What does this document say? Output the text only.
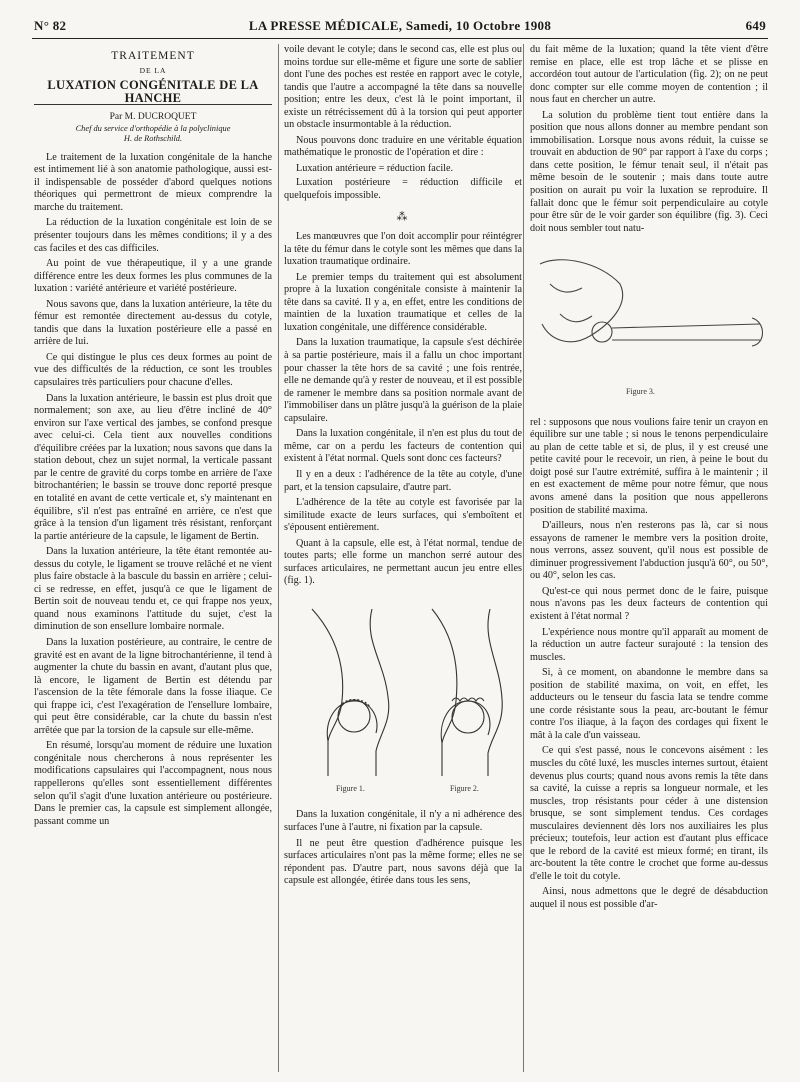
N° 82	LA PRESSE MÉDICALE, Samedi, 10 Octobre 1908	649
TRAITEMENT
DE LA
LUXATION CONGÉNITALE DE LA HANCHE
Par M. DUCROQUET
Chef du service d'orthopédie à la polyclinique
H. de Rothschild.

Le traitement de la luxation congénitale de la hanche est intimement lié à son anatomie pathologique, aussi est-il indispensable de posséder d'abord quelques notions théoriques qui permettront de mieux comprendre la marche du traitement.

La réduction de la luxation congénitale est loin de se présenter toujours dans les mêmes conditions; il y a des cas faciles et des cas difficiles.

Au point de vue thérapeutique, il y a une grande différence entre les deux formes les plus communes de la luxation : variété antérieure et variété postérieure.

Nous savons que, dans la luxation antérieure, la tête du fémur est remontée directement au-dessus du cotyle, tandis que dans la luxation postérieure elle a passé en arrière de lui.

Ce qui distingue le plus ces deux formes au point de vue des difficultés de la réduction, ce sont les troubles capsulaires très particuliers pour chacune d'elles.

Dans la luxation antérieure, le bassin est plus droit que normalement; son axe, au lieu d'être incliné de 40° environ sur l'axe vertical des jambes, se confond presque avec celui-ci. Cela tient aux nouvelles conditions d'équilibre créées par la luxation; nous savons que dans la station debout, chez un sujet normal, la verticale passant par le centre de gravité du corps tombe en arrière de l'axe bitrochantérien; le bassin se trouve donc reporté presque en totalité en avant de cette verticale et, s'y maintenant en équilibre, s'il n'est pas entraîné en arrière, ce n'est que grâce à la tension d'un ligament très résistant, renforçant la partie antérieure de la capsule, le ligament de Bertin.

Dans la luxation antérieure, la tête étant remontée au-dessus du cotyle, le ligament se trouve relâché et ne vient plus faire obstacle à la bascule du bassin en arrière ; celui-ci se redresse, en effet, jusqu'à ce que le ligament de Bertin soit de nouveau tendu et, ce qui frappe nos yeux, quand nous examinons l'attitude du sujet, c'est la diminution de son ensellure lombaire normale.

Dans la luxation postérieure, au contraire, le centre de gravité est en avant de la ligne bitrochantérienne, il tend à augmenter la chute du bassin en avant, d'autant plus que, là encore, le ligament de Bertin est détendu par l'ascension de la tête fémorale dans la fosse iliaque. Ce qui frappe ici, c'est l'exagération de l'ensellure lombaire, qui peut être considérable, car la chute du bassin n'est arrêtée que par la torsion de la capsule sur elle-même.

En résumé, lorsqu'au moment de réduire une luxation congénitale nous chercherons à nous représenter les modifications capsulaires qui l'accompagnent, nous nous rappellerons qu'elles sont essentiellement différentes selon qu'il s'agit d'une luxation antérieure ou postérieure. Dans le premier cas, la capsule est simplement allongée, passant comme un

voile devant le cotyle; dans le second cas, elle est plus ou moins tordue sur elle-même et figure une sorte de sablier dont l'une des poches est restée en rapport avec le cotyle, tandis que l'autre a accompagné la tête dans sa nouvelle position; entre les deux, c'est là le point important, il existe un rétrécissement dû à la torsion qui peut apporter un obstacle insurmontable à la réduction.

Nous pouvons donc traduire en une véritable équation mathématique le pronostic de l'opération et dire :

Luxation antérieure = réduction facile.

Luxation postérieure = réduction difficile et quelquefois impossible.

⁂

Les manœuvres que l'on doit accomplir pour réintégrer la tête du fémur dans le cotyle sont les mêmes que dans la luxation traumatique ordinaire.

Le premier temps du traitement qui est absolument propre à la luxation congénitale consiste à maintenir la tête dans sa cavité. Il y a, en effet, entre les conditions de maintien de la luxation traumatique et celles de la luxation congénitale, une différence considérable.

Dans la luxation traumatique, la capsule s'est déchirée à sa partie postérieure, mais il a fallu un choc important pour chasser la tête hors de sa cavité ; une fois rentrée, elle ne demande qu'à y rester de nouveau, et il est possible de ramener le membre dans sa position normale avant de l'immobiliser dans un plâtre jusqu'à la guérison de la plaie capsulaire.

Dans la luxation congénitale, il n'en est plus du tout de même, car on a perdu les facteurs de contention qui existent à l'état normal. Quels sont donc ces facteurs?

Il y en a deux : l'adhérence de la tête au cotyle, d'une part, et la tension capsulaire, d'autre part.

L'adhérence de la tête au cotyle est favorisée par la similitude exacte de leurs surfaces, qui s'emboîtent et s'épousent entièrement.

Quant à la capsule, elle est, à l'état normal, tendue de toutes parts; elle forme un manchon serré autour des surfaces articulaires, ne permettant aucun jeu entre elles (fig. 1).

Figure 1.	Figure 2.

Dans la luxation congénitale, il n'y a ni adhérence des surfaces l'une à l'autre, ni fixation par la capsule.

Il ne peut être question d'adhérence puisque les surfaces articulaires n'ont pas la même forme; elles ne se répondent pas. D'autre part, nous savons déjà que la capsule est allongée, étirée dans tous les sens,

du fait même de la luxation; quand la tête vient d'être remise en place, elle est trop lâche et se plisse en accordéon tout autour de l'articulation (fig. 2); on ne peut donc compter sur elle comme moyen de contention ; il nous faut en chercher un autre.

La solution du problème tient tout entière dans la position que nous allons donner au membre pendant son immobilisation. Lorsque nous avons réduit, la cuisse se trouvait en abduction de 90° par rapport à l'axe du corps ; dans cette position, le fémur tenait seul, il n'était pas même besoin de le soutenir ; mais dans toute autre position on aurait pu voir la luxation se reproduire. Il fallait donc que le fémur soit perpendiculaire au cotyle pour être sûr de le voir garder son équilibre (fig. 3). Ceci doit nous sembler tout natu-

Figure 3.

rel : supposons que nous voulions faire tenir un crayon en équilibre sur une table ; si nous le tenons perpendiculaire au plan de cette table et si, de plus, il y est creusé une petite cavité pour le recevoir, un rien, à peine le bout du doigt posé sur l'autre extrémité, suffira à le maintenir ; il en est exactement de même pour notre fémur, que nous avons amené dans la position que nous appellerons position de stabilité maxima.

D'ailleurs, nous n'en resterons pas là, car si nous essayons de ramener le membre vers la position droite, nous verrons, assez souvent, qu'il nous est possible de diminuer progressivement l'abduction jusqu'à 60°, ou 50°, ou 40°, selon les cas.

Qu'est-ce qui nous permet donc de le faire, puisque nous n'avons pas les deux facteurs de contention qui existent à l'état normal ?

L'expérience nous montre qu'il apparaît au moment de la réduction un autre facteur surajouté : la tension des muscles.

Si, à ce moment, on abandonne le membre dans sa position de stabilité maxima, on voit, en effet, les adducteurs ou le tenseur du fascia lata se tendre comme une corde résistante sous la peau, arc-boutant le fémur contre l'os iliaque, à la façon des cordages qui fixent le mât à la cale d'un vaisseau.

Ce qui s'est passé, nous le concevons aisément : les muscles du côté luxé, les muscles internes surtout, étaient devenus plus courts; quand nous avons remis la tête dans sa cavité, la cuisse a repris sa longueur normale, et les muscles, trop résistants pour céder à une distension brusque, se sont simplement tendus. Ces cordages musculaires deviennent dès lors nos auxiliaires les plus précieux; toutefois, leur action est d'autant plus efficace que le rebord de la cavité est mieux formé; en tirant, ils arc-boutent la tête contre le crochet que forme au-dessus d'elle le toit du cotyle.

Ainsi, nous admettons que le degré de désabduction auquel il nous est possible d'ar-
